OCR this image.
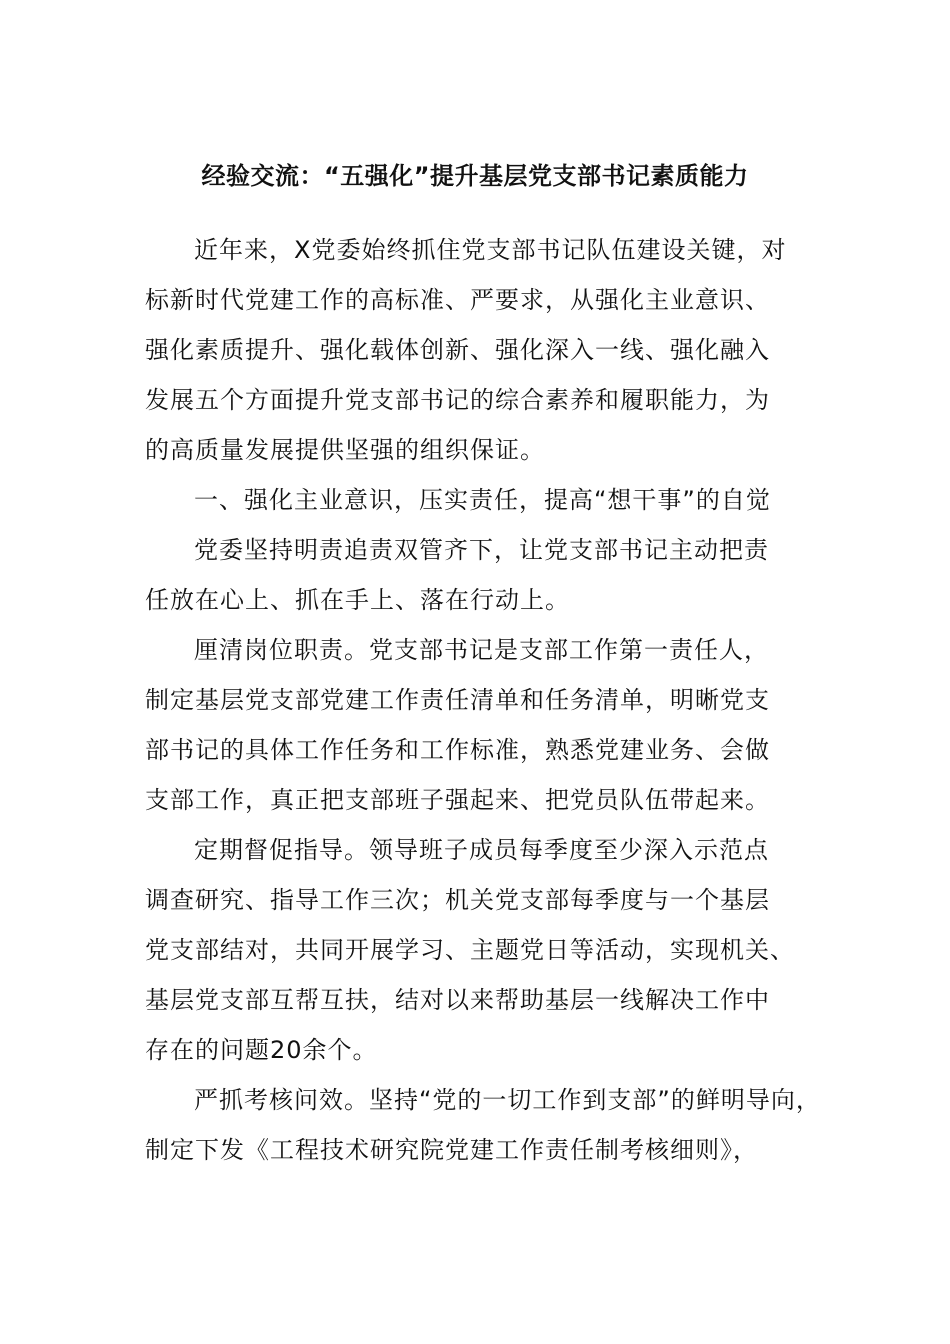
经验交流：“五强化”提升基层党支部书记素质能力
近年来，X党委始终抓住党支部书记队伍建设关键，对
标新时代党建工作的高标准、严要求，从强化主业意识、
强化素质提升、强化载体创新、强化深入一线、强化融入
发展五个方面提升党支部书记的综合素养和履职能力，为
的高质量发展提供坚强的组织保证。
一、强化主业意识，压实责任，提高“想干事”的自觉
党委坚持明责追责双管齐下，让党支部书记主动把责
任放在心上、抓在手上、落在行动上。
厘清岗位职责。党支部书记是支部工作第一责任人，
制定基层党支部党建工作责任清单和任务清单，明晰党支
部书记的具体工作任务和工作标准，熟悉党建业务、会做
支部工作，真正把支部班子强起来、把党员队伍带起来。
定期督促指导。领导班子成员每季度至少深入示范点
调查研究、指导工作三次；机关党支部每季度与一个基层
党支部结对，共同开展学习、主题党日等活动，实现机关、
基层党支部互帮互扶，结对以来帮助基层一线解决工作中
存在的问题20余个。
严抓考核问效。坚持“党的一切工作到支部”的鲜明导向，
制定下发《工程技术研究院党建工作责任制考核细则》，
